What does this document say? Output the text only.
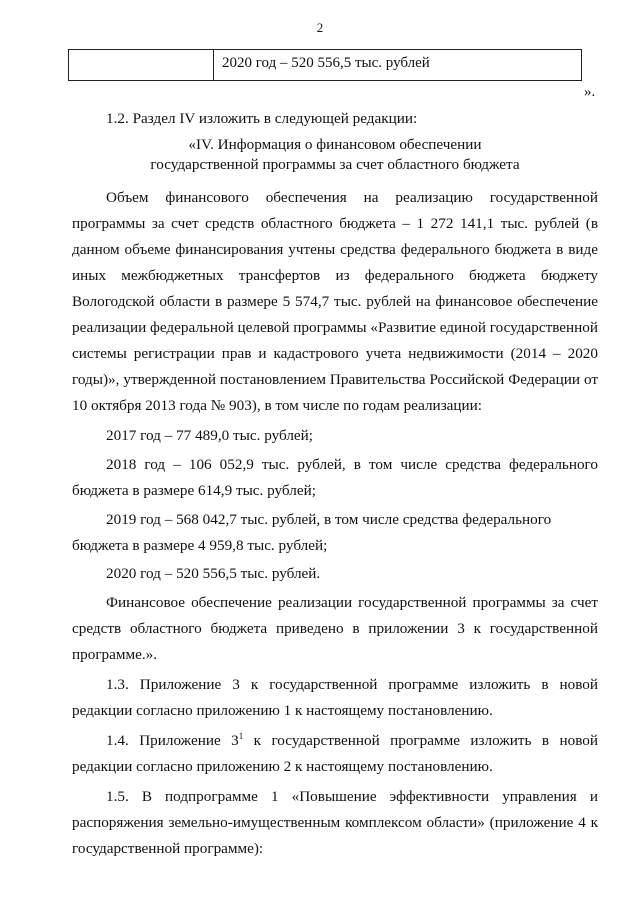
2
2020 год – 520 556,5 тыс. рублей
».
1.2. Раздел IV изложить в следующей редакции:
«IV. Информация о финансовом обеспечении
государственной программы за счет областного бюджета
Объем финансового обеспечения на реализацию государственной
программы за счет средств областного бюджета – 1 272 141,1 тыс. рублей (в
данном объеме финансирования учтены средства федерального бюджета в виде
иных межбюджетных трансфертов из федерального бюджета бюджету
Вологодской области в размере 5 574,7 тыс. рублей на финансовое обеспечение
реализации федеральной целевой программы «Развитие единой государственной
системы регистрации прав и кадастрового учета недвижимости (2014 – 2020
годы)», утвержденной постановлением Правительства Российской Федерации от
10 октября 2013 года № 903), в том числе по годам реализации:
2017 год – 77 489,0 тыс. рублей;
2018 год – 106 052,9 тыс. рублей, в том числе средства федерального
бюджета в размере 614,9 тыс. рублей;
2019 год – 568 042,7 тыс. рублей, в том числе средства федерального
бюджета в размере 4 959,8 тыс. рублей;
2020 год – 520 556,5 тыс. рублей.
Финансовое обеспечение реализации государственной программы за счет
средств областного бюджета приведено в приложении 3 к государственной
программе.».
1.3. Приложение 3 к государственной программе изложить в новой
редакции согласно приложению 1 к настоящему постановлению.
1.4. Приложение $3^1$ к государственной программе изложить в новой
редакции согласно приложению 2 к настоящему постановлению.
1.5. В подпрограмме 1 «Повышение эффективности управления и
распоряжения земельно-имущественным комплексом области» (приложение 4 к
государственной программе):
